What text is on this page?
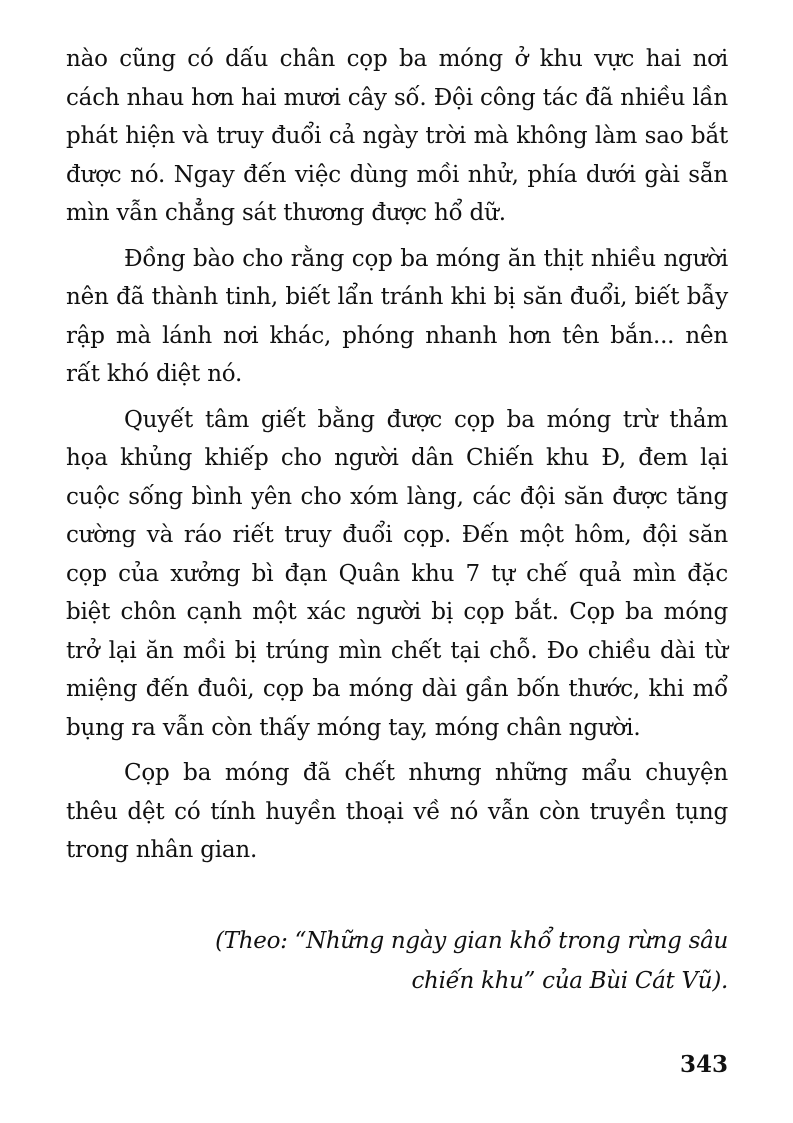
nào cũng có dấu chân cọp ba móng ở khu vực hai nơi cách nhau hơn hai mươi cây số. Đội công tác đã nhiều lần phát hiện và truy đuổi cả ngày trời mà không làm sao bắt được nó. Ngay đến việc dùng mồi nhử, phía dưới gài sẵn mìn vẫn chẳng sát thương được hổ dữ.

Đồng bào cho rằng cọp ba móng ăn thịt nhiều người nên đã thành tinh, biết lẩn tránh khi bị săn đuổi, biết bẫy rập mà lánh nơi khác, phóng nhanh hơn tên bắn... nên rất khó diệt nó.

Quyết tâm giết bằng được cọp ba móng trừ thảm họa khủng khiếp cho người dân Chiến khu Đ, đem lại cuộc sống bình yên cho xóm làng, các đội săn được tăng cường và ráo riết truy đuổi cọp. Đến một hôm, đội săn cọp của xưởng bì đạn Quân khu 7 tự chế quả mìn đặc biệt chôn cạnh một xác người bị cọp bắt. Cọp ba móng trở lại ăn mồi bị trúng mìn chết tại chỗ. Đo chiều dài từ miệng đến đuôi, cọp ba móng dài gần bốn thước, khi mổ bụng ra vẫn còn thấy móng tay, móng chân người.

Cọp ba móng đã chết nhưng những mẩu chuyện thêu dệt có tính huyền thoại về nó vẫn còn truyền tụng trong nhân gian.

(Theo: “Những ngày gian khổ trong rừng sâu
chiến khu” của Bùi Cát Vũ).
343
